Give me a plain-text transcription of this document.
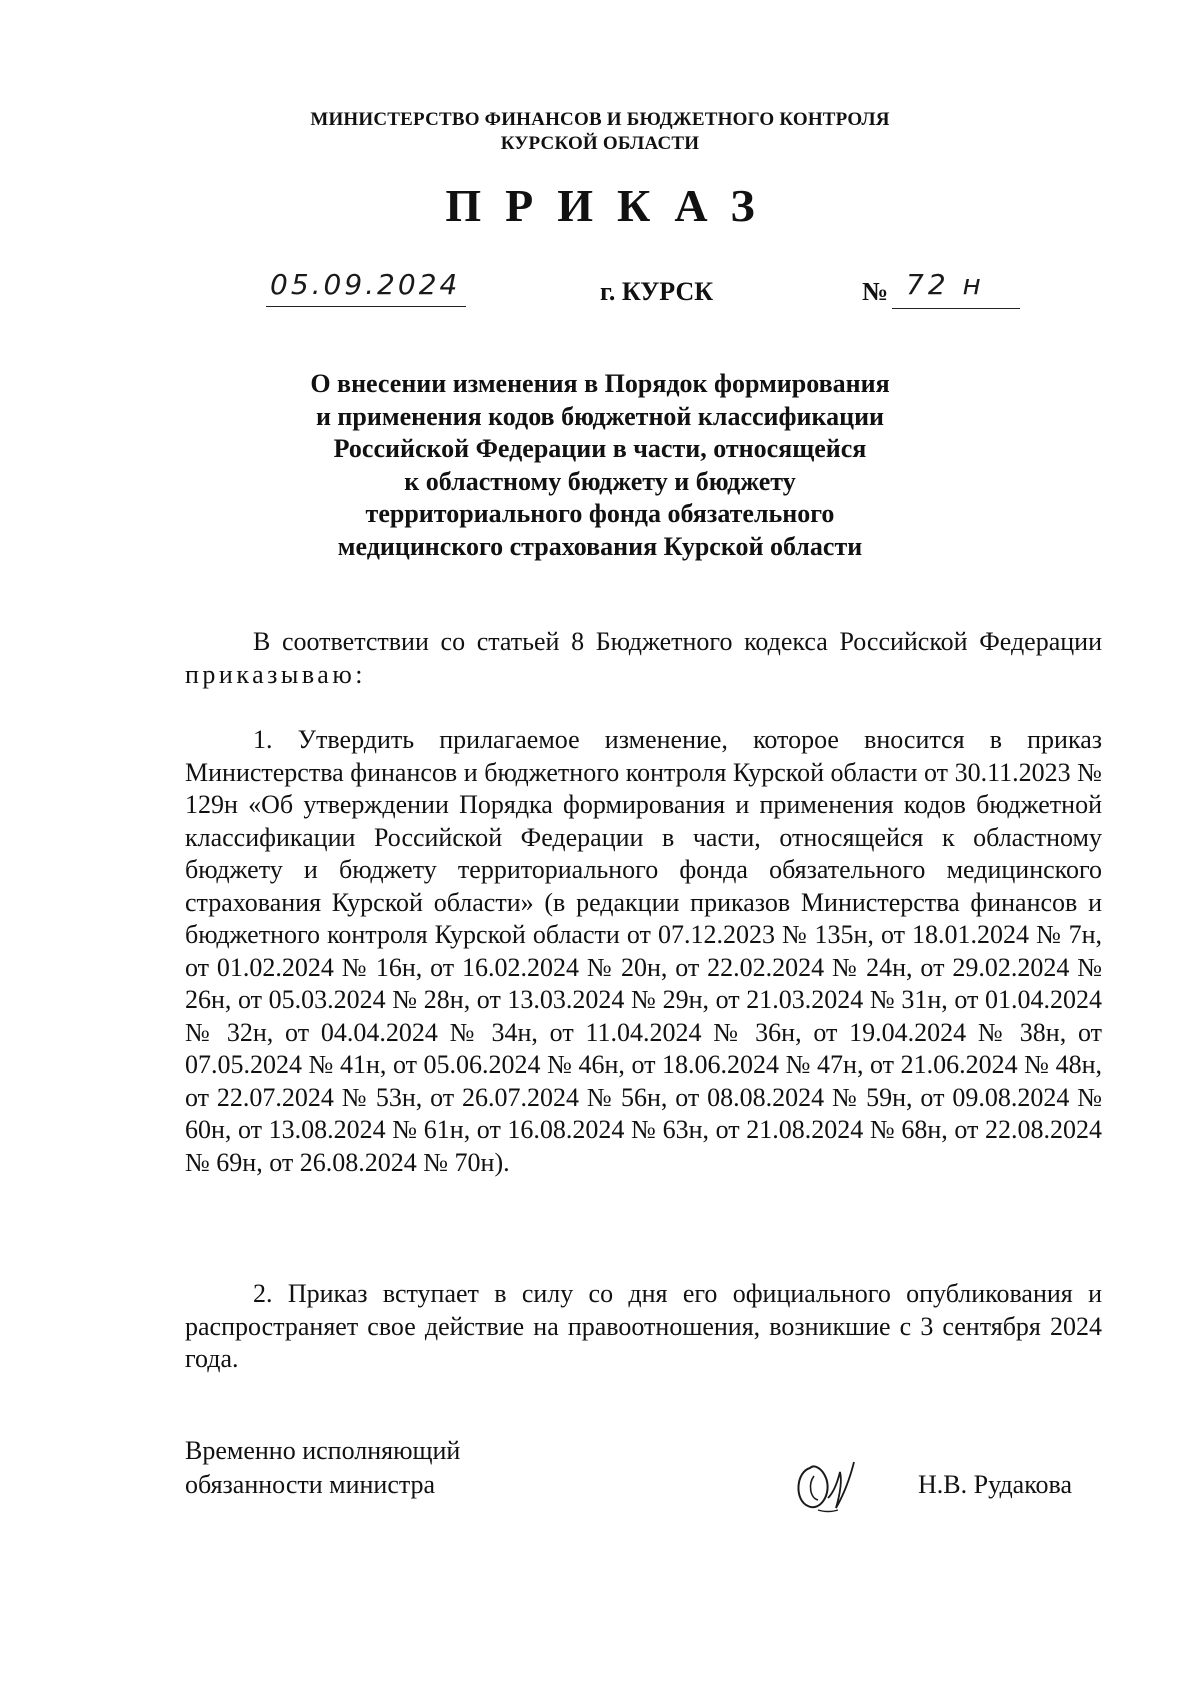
МИНИСТЕРСТВО ФИНАНСОВ И БЮДЖЕТНОГО КОНТРОЛЯ
КУРСКОЙ ОБЛАСТИ
ПРИКАЗ
05.09.2024	г. КУРСК	№ 72 н
О внесении изменения в Порядок формирования
и применения кодов бюджетной классификации
Российской Федерации в части, относящейся
к областному бюджету и бюджету
территориального фонда обязательного
медицинского страхования Курской области
В соответствии со статьей 8 Бюджетного кодекса Российской Федерации приказываю:
1. Утвердить прилагаемое изменение, которое вносится в приказ Министерства финансов и бюджетного контроля Курской области от 30.11.2023 № 129н «Об утверждении Порядка формирования и применения кодов бюджетной классификации Российской Федерации в части, относящейся к областному бюджету и бюджету территориального фонда обязательного медицинского страхования Курской области» (в редакции приказов Министерства финансов и бюджетного контроля Курской области от 07.12.2023 № 135н, от 18.01.2024 № 7н, от 01.02.2024 № 16н, от 16.02.2024 № 20н, от 22.02.2024 № 24н, от 29.02.2024 № 26н, от 05.03.2024 № 28н, от 13.03.2024 № 29н, от 21.03.2024 № 31н, от 01.04.2024 № 32н, от 04.04.2024 № 34н, от 11.04.2024 № 36н, от 19.04.2024 № 38н, от 07.05.2024 № 41н, от 05.06.2024 № 46н, от 18.06.2024 № 47н, от 21.06.2024 № 48н, от 22.07.2024 № 53н, от 26.07.2024 № 56н, от 08.08.2024 № 59н, от 09.08.2024 № 60н, от 13.08.2024 № 61н, от 16.08.2024 № 63н, от 21.08.2024 № 68н, от 22.08.2024 № 69н, от 26.08.2024 № 70н).
2. Приказ вступает в силу со дня его официального опубликования и распространяет свое действие на правоотношения, возникшие с 3 сентября 2024 года.
Временно исполняющий
обязанности министра	Н.В. Рудакова
